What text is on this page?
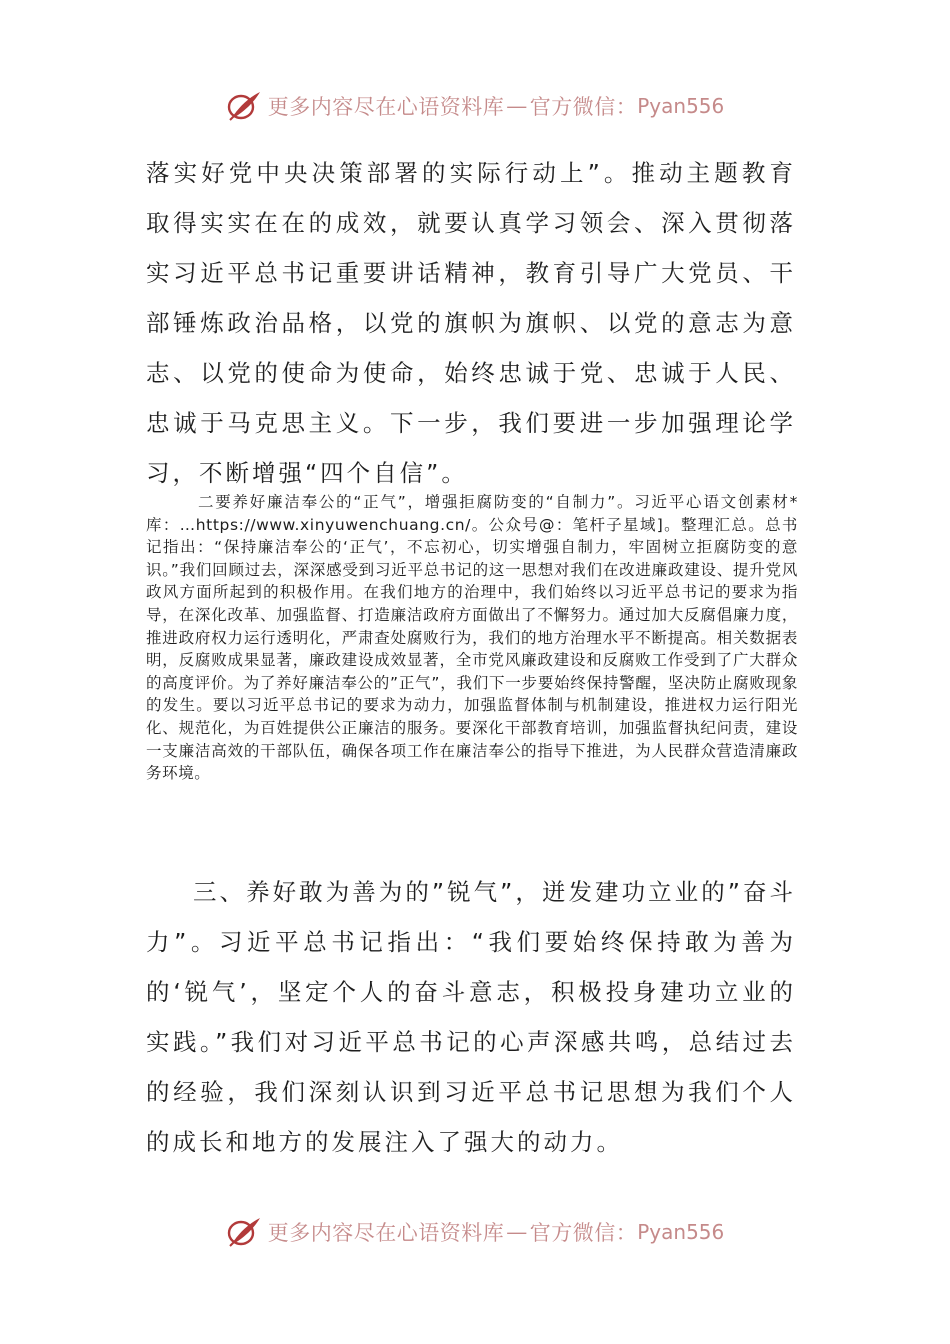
更多内容尽在心语资料库 — 官方微信： Pyan556

落实好党中央决策部署的实际行动上”。推动主题教育取得实实在在的成效，就要认真学习领会、深入贯彻落实习近平总书记重要讲话精神，教育引导广大党员、干部锤炼政治品格，以党的旗帜为旗帜、以党的意志为意志、以党的使命为使命，始终忠诚于党、忠诚于人民、忠诚于马克思主义。下一步，我们要进一步加强理论学习，不断增强“四个自信”。

二要养好廉洁奉公的“正气”，增强拒腐防变的“自制力”。习近平心语文创素材*库：…https://www.xinyuwenchuang.cn/。公众号@：笔杆子星域]。整理汇总。总书记指出：“保持廉洁奉公的‘正气’，不忘初心，切实增强自制力，牢固树立拒腐防变的意识。”我们回顾过去，深深感受到习近平总书记的这一思想对我们在改进廉政建设、提升党风政风方面所起到的积极作用。在我们地方的治理中，我们始终以习近平总书记的要求为指导，在深化改革、加强监督、打造廉洁政府方面做出了不懈努力。通过加大反腐倡廉力度，推进政府权力运行透明化，严肃查处腐败行为，我们的地方治理水平不断提高。相关数据表明，反腐败成果显著，廉政建设成效显著，全市党风廉政建设和反腐败工作受到了广大群众的高度评价。为了养好廉洁奉公的”正气”，我们下一步要始终保持警醒，坚决防止腐败现象的发生。要以习近平总书记的要求为动力，加强监督体制与机制建设，推进权力运行阳光化、规范化，为百姓提供公正廉洁的服务。要深化干部教育培训，加强监督执纪问责，建设一支廉洁高效的干部队伍，确保各项工作在廉洁奉公的指导下推进，为人民群众营造清廉政务环境。

三、养好敢为善为的”锐气”，迸发建功立业的”奋斗力”。习近平总书记指出：“我们要始终保持敢为善为的‘锐气’，坚定个人的奋斗意志，积极投身建功立业的实践。”我们对习近平总书记的心声深感共鸣，总结过去的经验，我们深刻认识到习近平总书记思想为我们个人的成长和地方的发展注入了强大的动力。

更多内容尽在心语资料库 — 官方微信： Pyan556
